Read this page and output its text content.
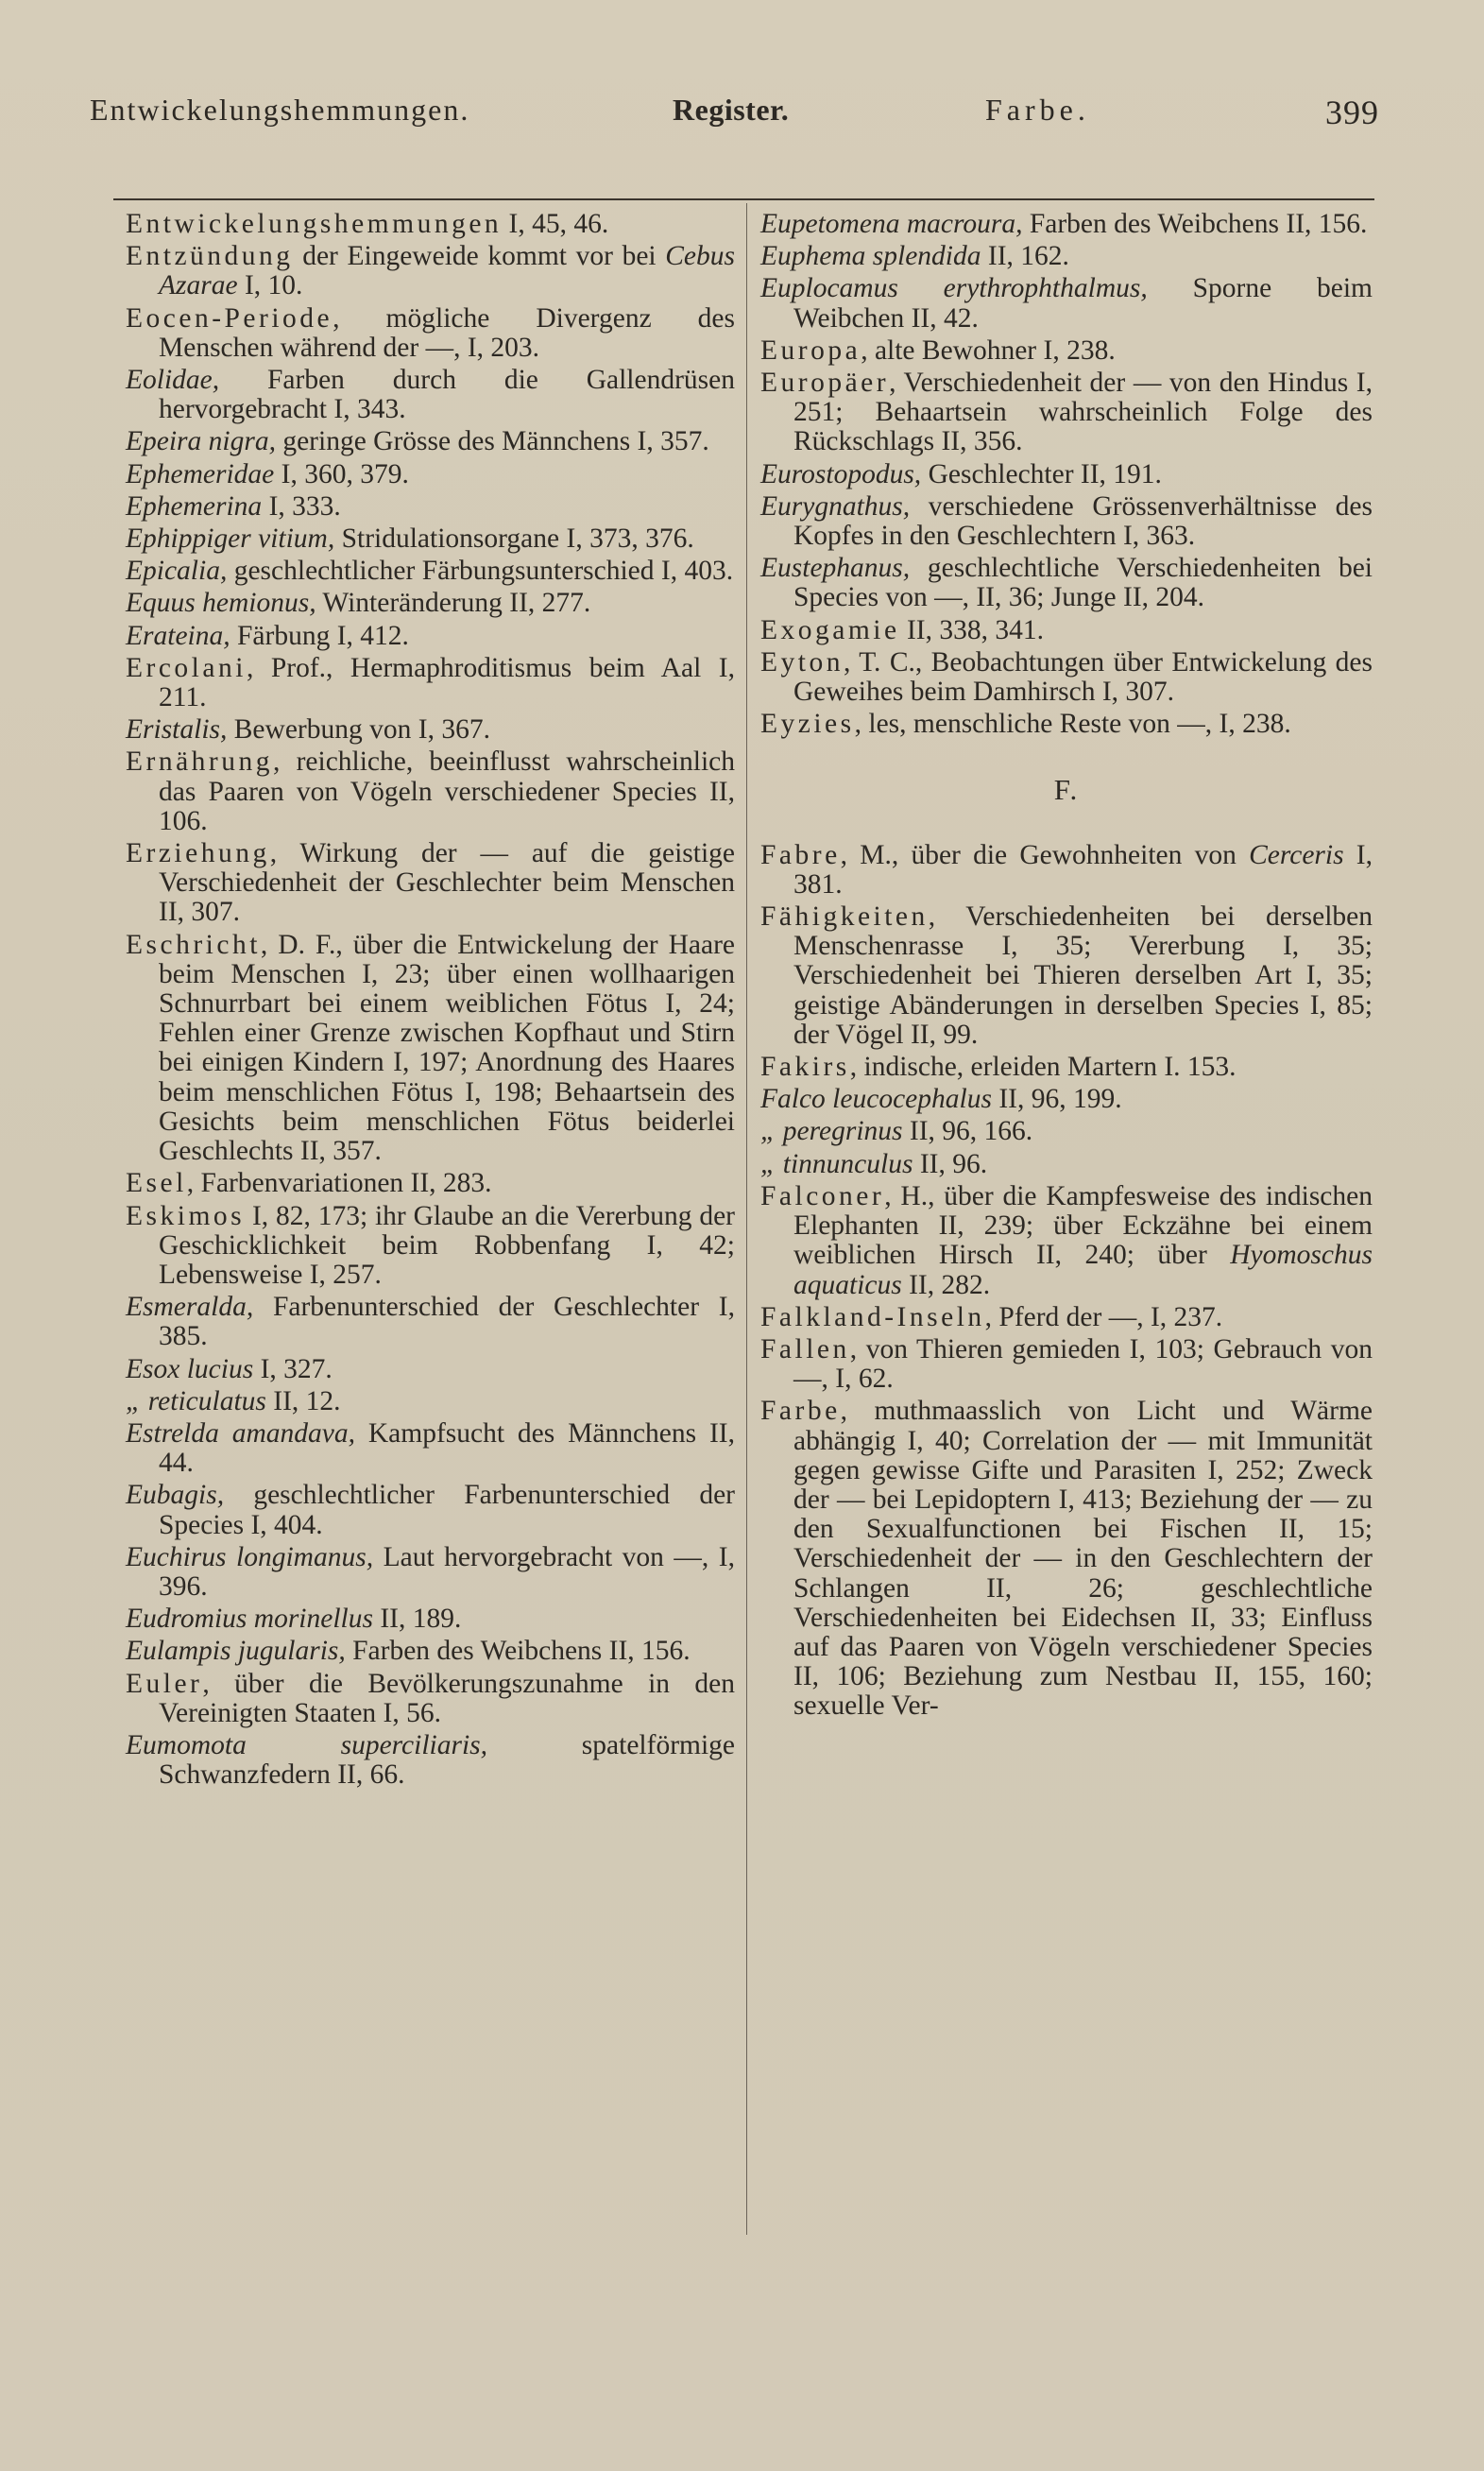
Entwickelungshemmungen.	Register.	Farbe.	399
Entwickelungshemmungen I, 45, 46.
Entzündung der Eingeweide kommt vor bei Cebus Azarae I, 10.
Eocen-Periode, mögliche Divergenz des Menschen während der —, I, 203.
Eolidae, Farben durch die Gallendrüsen hervorgebracht I, 343.
Epeira nigra, geringe Grösse des Männchens I, 357.
Ephemeridae I, 360, 379.
Ephemerina I, 333.
Ephippiger vitium, Stridulationsorgane I, 373, 376.
Epicalia, geschlechtlicher Färbungsunterschied I, 403.
Equus hemionus, Winteränderung II, 277.
Erateina, Färbung I, 412.
Ercolani, Prof., Hermaphroditismus beim Aal I, 211.
Eristalis, Bewerbung von I, 367.
Ernährung, reichliche, beeinflusst wahrscheinlich das Paaren von Vögeln verschiedener Species II, 106.
Erziehung, Wirkung der — auf die geistige Verschiedenheit der Geschlechter beim Menschen II, 307.
Eschricht, D. F., über die Entwickelung der Haare beim Menschen I, 23; über einen wollhaarigen Schnurrbart bei einem weiblichen Fötus I, 24; Fehlen einer Grenze zwischen Kopfhaut und Stirn bei einigen Kindern I, 197; Anordnung des Haares beim menschlichen Fötus I, 198; Behaartsein des Gesichts beim menschlichen Fötus beiderlei Geschlechts II, 357.
Esel, Farbenvariationen II, 283.
Eskimos I, 82, 173; ihr Glaube an die Vererbung der Geschicklichkeit beim Robbenfang I, 42; Lebensweise I, 257.
Esmeralda, Farbenunterschied der Geschlechter I, 385.
Esox lucius I, 327.
„ reticulatus II, 12.
Estrelda amandava, Kampfsucht des Männchens II, 44.
Eubagis, geschlechtlicher Farbenunterschied der Species I, 404.
Euchirus longimanus, Laut hervorgebracht von —, I, 396.
Eudromius morinellus II, 189.
Eulampis jugularis, Farben des Weibchens II, 156.
Euler, über die Bevölkerungszunahme in den Vereinigten Staaten I, 56.
Eumomota superciliaris, spatelförmige Schwanzfedern II, 66.
Eupetomena macroura, Farben des Weibchens II, 156.
Euphema splendida II, 162.
Euplocamus erythrophthalmus, Sporne beim Weibchen II, 42.
Europa, alte Bewohner I, 238.
Europäer, Verschiedenheit der — von den Hindus I, 251; Behaartsein wahrscheinlich Folge des Rückschlags II, 356.
Eurostopodus, Geschlechter II, 191.
Eurygnathus, verschiedene Grössenverhältnisse des Kopfes in den Geschlechtern I, 363.
Eustephanus, geschlechtliche Verschiedenheiten bei Species von —, II, 36; Junge II, 204.
Exogamie II, 338, 341.
Eyton, T. C., Beobachtungen über Entwickelung des Geweihes beim Damhirsch I, 307.
Eyzies, les, menschliche Reste von —, I, 238.
F.
Fabre, M., über die Gewohnheiten von Cerceris I, 381.
Fähigkeiten, Verschiedenheiten bei derselben Menschenrasse I, 35; Vererbung I, 35; Verschiedenheit bei Thieren derselben Art I, 35; geistige Abänderungen in derselben Species I, 85; der Vögel II, 99.
Fakirs, indische, erleiden Martern I. 153.
Falco leucocephalus II, 96, 199.
„ peregrinus II, 96, 166.
„ tinnunculus II, 96.
Falconer, H., über die Kampfesweise des indischen Elephanten II, 239; über Eckzähne bei einem weiblichen Hirsch II, 240; über Hyomoschus aquaticus II, 282.
Falkland-Inseln, Pferd der —, I, 237.
Fallen, von Thieren gemieden I, 103; Gebrauch von —, I, 62.
Farbe, muthmaasslich von Licht und Wärme abhängig I, 40; Correlation der — mit Immunität gegen gewisse Gifte und Parasiten I, 252; Zweck der — bei Lepidoptern I, 413; Beziehung der — zu den Sexualfunctionen bei Fischen II, 15; Verschiedenheit der — in den Geschlechtern der Schlangen II, 26; geschlechtliche Verschiedenheiten bei Eidechsen II, 33; Einfluss auf das Paaren von Vögeln verschiedener Species II, 106; Beziehung zum Nestbau II, 155, 160; sexuelle Ver-
